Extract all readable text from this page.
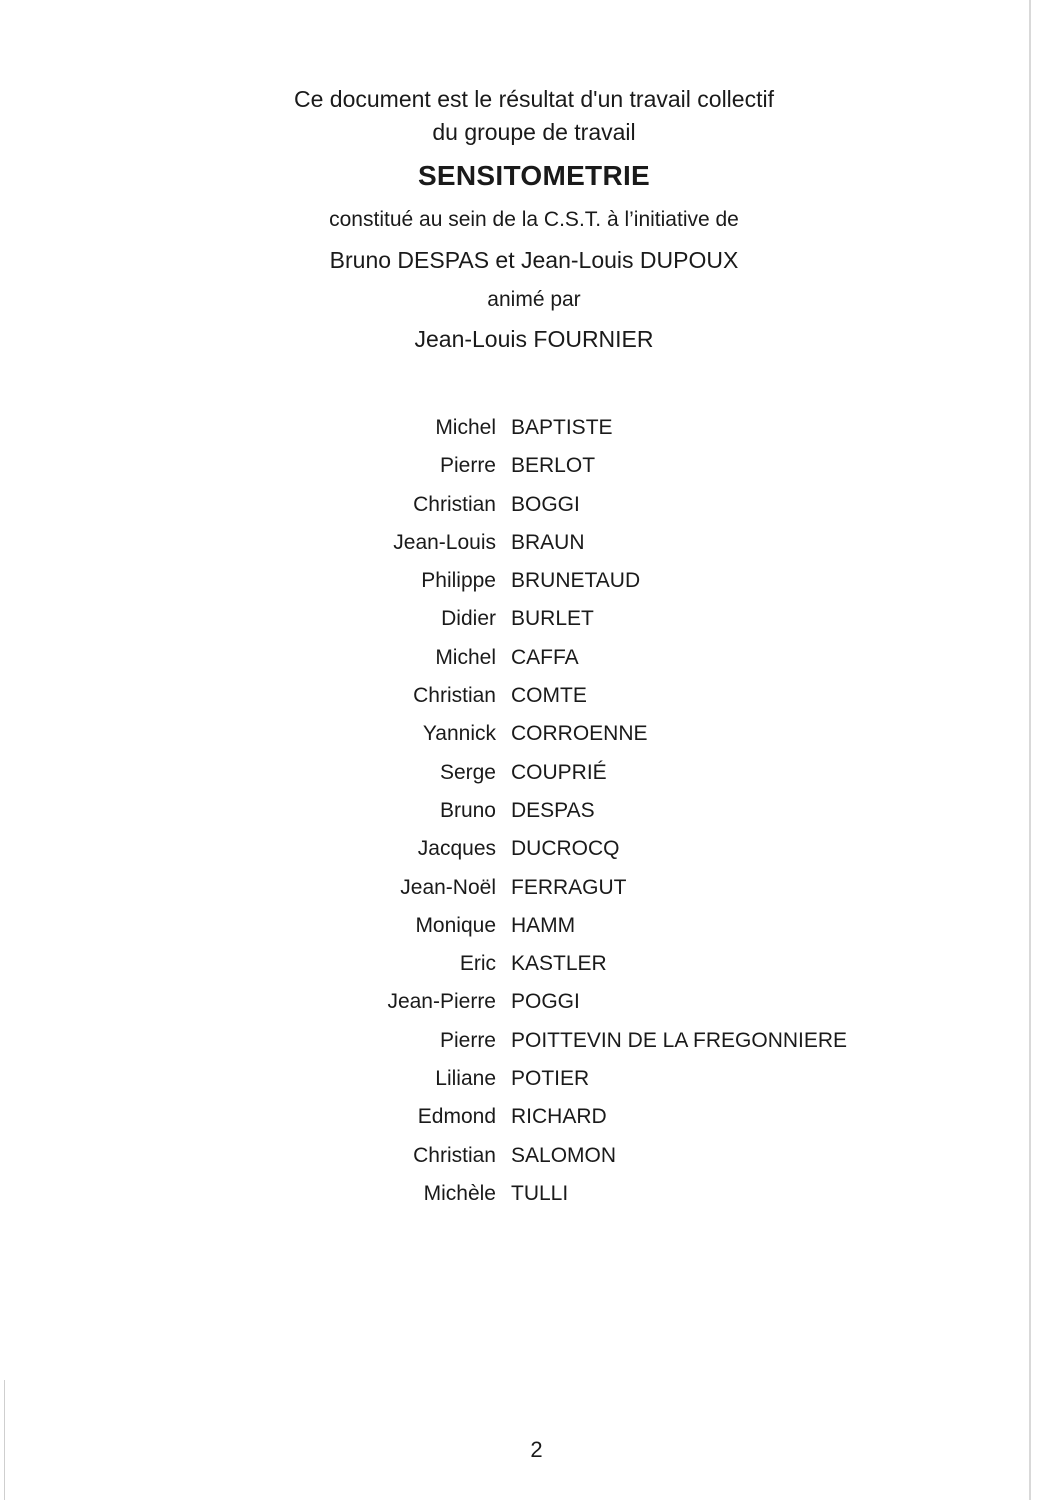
Ce document est le résultat d'un travail collectif
du groupe de travail
SENSITOMETRIE
constitué au sein de la C.S.T. à l’initiative de
Bruno DESPAS et Jean-Louis DUPOUX
animé par
Jean-Louis FOURNIER
Michel BAPTISTE
Pierre BERLOT
Christian BOGGI
Jean-Louis BRAUN
Philippe BRUNETAUD
Didier BURLET
Michel CAFFA
Christian COMTE
Yannick CORROENNE
Serge COUPRIÉ
Bruno DESPAS
Jacques DUCROCQ
Jean-Noël FERRAGUT
Monique HAMM
Eric KASTLER
Jean-Pierre POGGI
Pierre POITTEVIN DE LA FREGONNIERE
Liliane POTIER
Edmond RICHARD
Christian SALOMON
Michèle TULLI
2
